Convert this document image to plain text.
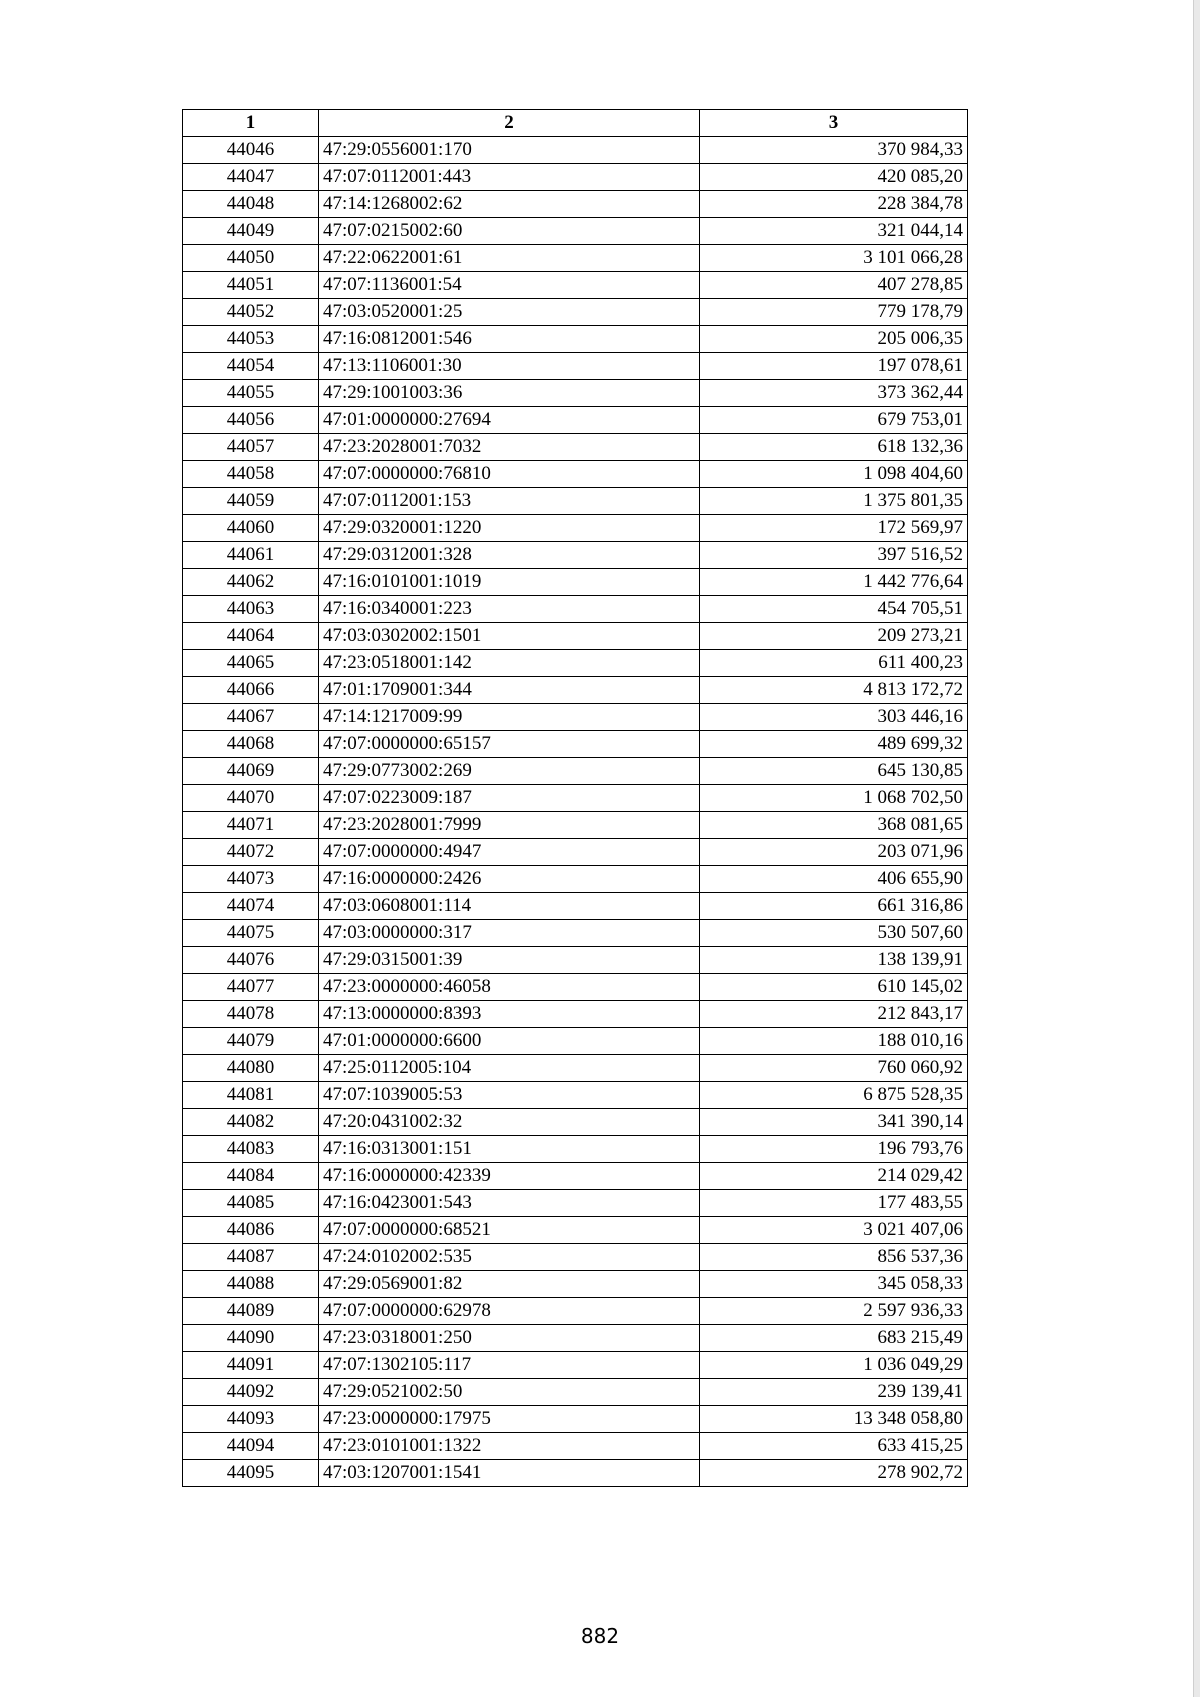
1	2	3
44046	47:29:0556001:170	370 984,33
44047	47:07:0112001:443	420 085,20
44048	47:14:1268002:62	228 384,78
44049	47:07:0215002:60	321 044,14
44050	47:22:0622001:61	3 101 066,28
44051	47:07:1136001:54	407 278,85
44052	47:03:0520001:25	779 178,79
44053	47:16:0812001:546	205 006,35
44054	47:13:1106001:30	197 078,61
44055	47:29:1001003:36	373 362,44
44056	47:01:0000000:27694	679 753,01
44057	47:23:2028001:7032	618 132,36
44058	47:07:0000000:76810	1 098 404,60
44059	47:07:0112001:153	1 375 801,35
44060	47:29:0320001:1220	172 569,97
44061	47:29:0312001:328	397 516,52
44062	47:16:0101001:1019	1 442 776,64
44063	47:16:0340001:223	454 705,51
44064	47:03:0302002:1501	209 273,21
44065	47:23:0518001:142	611 400,23
44066	47:01:1709001:344	4 813 172,72
44067	47:14:1217009:99	303 446,16
44068	47:07:0000000:65157	489 699,32
44069	47:29:0773002:269	645 130,85
44070	47:07:0223009:187	1 068 702,50
44071	47:23:2028001:7999	368 081,65
44072	47:07:0000000:4947	203 071,96
44073	47:16:0000000:2426	406 655,90
44074	47:03:0608001:114	661 316,86
44075	47:03:0000000:317	530 507,60
44076	47:29:0315001:39	138 139,91
44077	47:23:0000000:46058	610 145,02
44078	47:13:0000000:8393	212 843,17
44079	47:01:0000000:6600	188 010,16
44080	47:25:0112005:104	760 060,92
44081	47:07:1039005:53	6 875 528,35
44082	47:20:0431002:32	341 390,14
44083	47:16:0313001:151	196 793,76
44084	47:16:0000000:42339	214 029,42
44085	47:16:0423001:543	177 483,55
44086	47:07:0000000:68521	3 021 407,06
44087	47:24:0102002:535	856 537,36
44088	47:29:0569001:82	345 058,33
44089	47:07:0000000:62978	2 597 936,33
44090	47:23:0318001:250	683 215,49
44091	47:07:1302105:117	1 036 049,29
44092	47:29:0521002:50	239 139,41
44093	47:23:0000000:17975	13 348 058,80
44094	47:23:0101001:1322	633 415,25
44095	47:03:1207001:1541	278 902,72
882
